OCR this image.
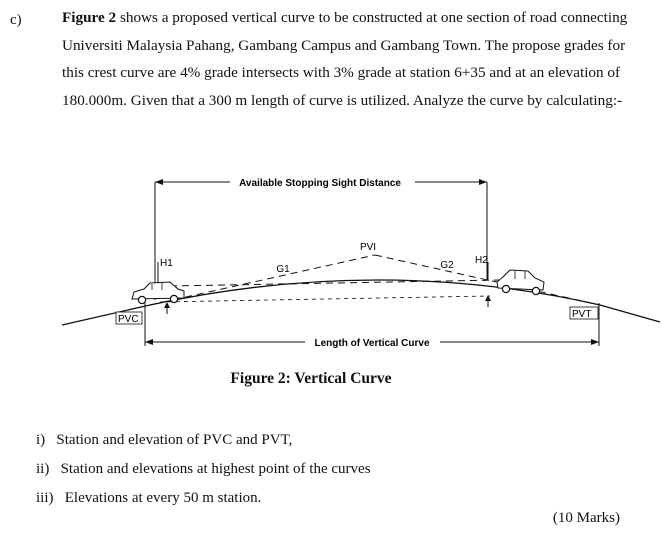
c)	Figure 2 shows a proposed vertical curve to be constructed at one section of road connecting Universiti Malaysia Pahang, Gambang Campus and Gambang Town. The propose grades for this crest curve are 4% grade intersects with 3% grade at station 6+35 and at an elevation of 180.000m. Given that a 300 m length of curve is utilized. Analyze the curve by calculating:-

Available Stopping Sight Distance
PVI
G1	G2
H1	H2
PVC	PVT
Length of Vertical Curve
Figure 2: Vertical Curve
i) Station and elevation of PVC and PVT,
ii) Station and elevations at highest point of the curves
iii) Elevations at every 50 m station.
(10 Marks)
